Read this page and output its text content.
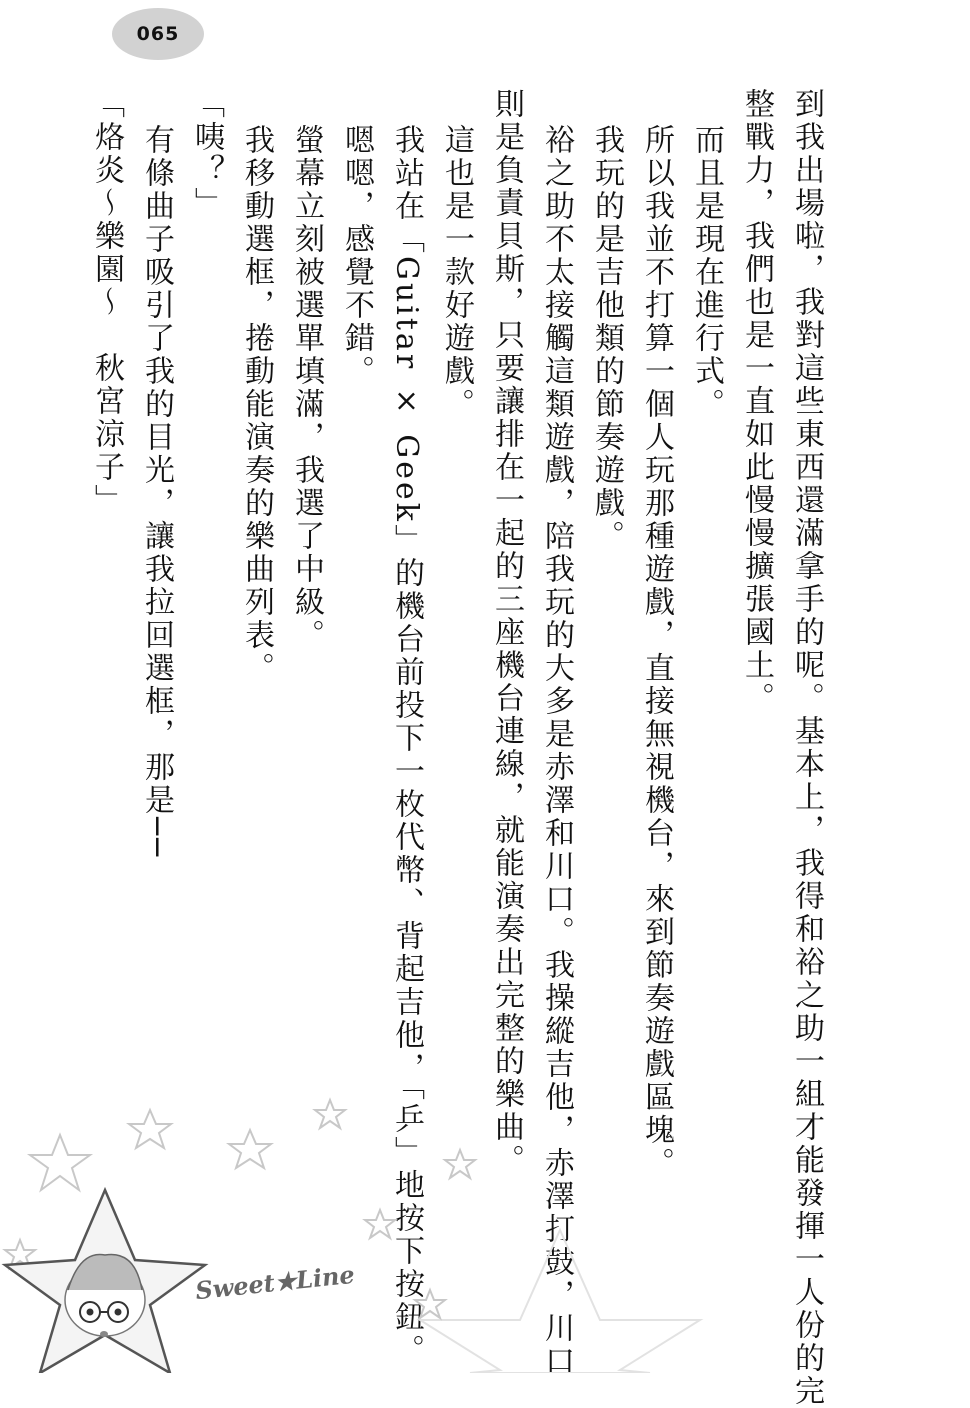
065
到我出場啦，我對這些東西還滿拿手的呢。基本上，我得和裕之助一組才能發揮一人份的完
整戰力，我們也是一直如此慢慢擴張國土。
而且是現在進行式。
所以我並不打算一個人玩那種遊戲，直接無視機台，來到節奏遊戲區塊。
我玩的是吉他類的節奏遊戲。
裕之助不太接觸這類遊戲，陪我玩的大多是赤澤和川口。我操縱吉他，赤澤打鼓，川口
則是負責貝斯，只要讓排在一起的三座機台連線，就能演奏出完整的樂曲。
這也是一款好遊戲。
我站在「Guitar × Geek」的機台前投下一枚代幣、背起吉他，「乒」地按下按鈕。
嗯嗯，感覺不錯。
螢幕立刻被選單填滿，我選了中級。
我移動選框，捲動能演奏的樂曲列表。
「咦？」
有條曲子吸引了我的目光，讓我拉回選框，那是──
「烙炎～樂園～　秋宮涼子」
Sweet★Line
